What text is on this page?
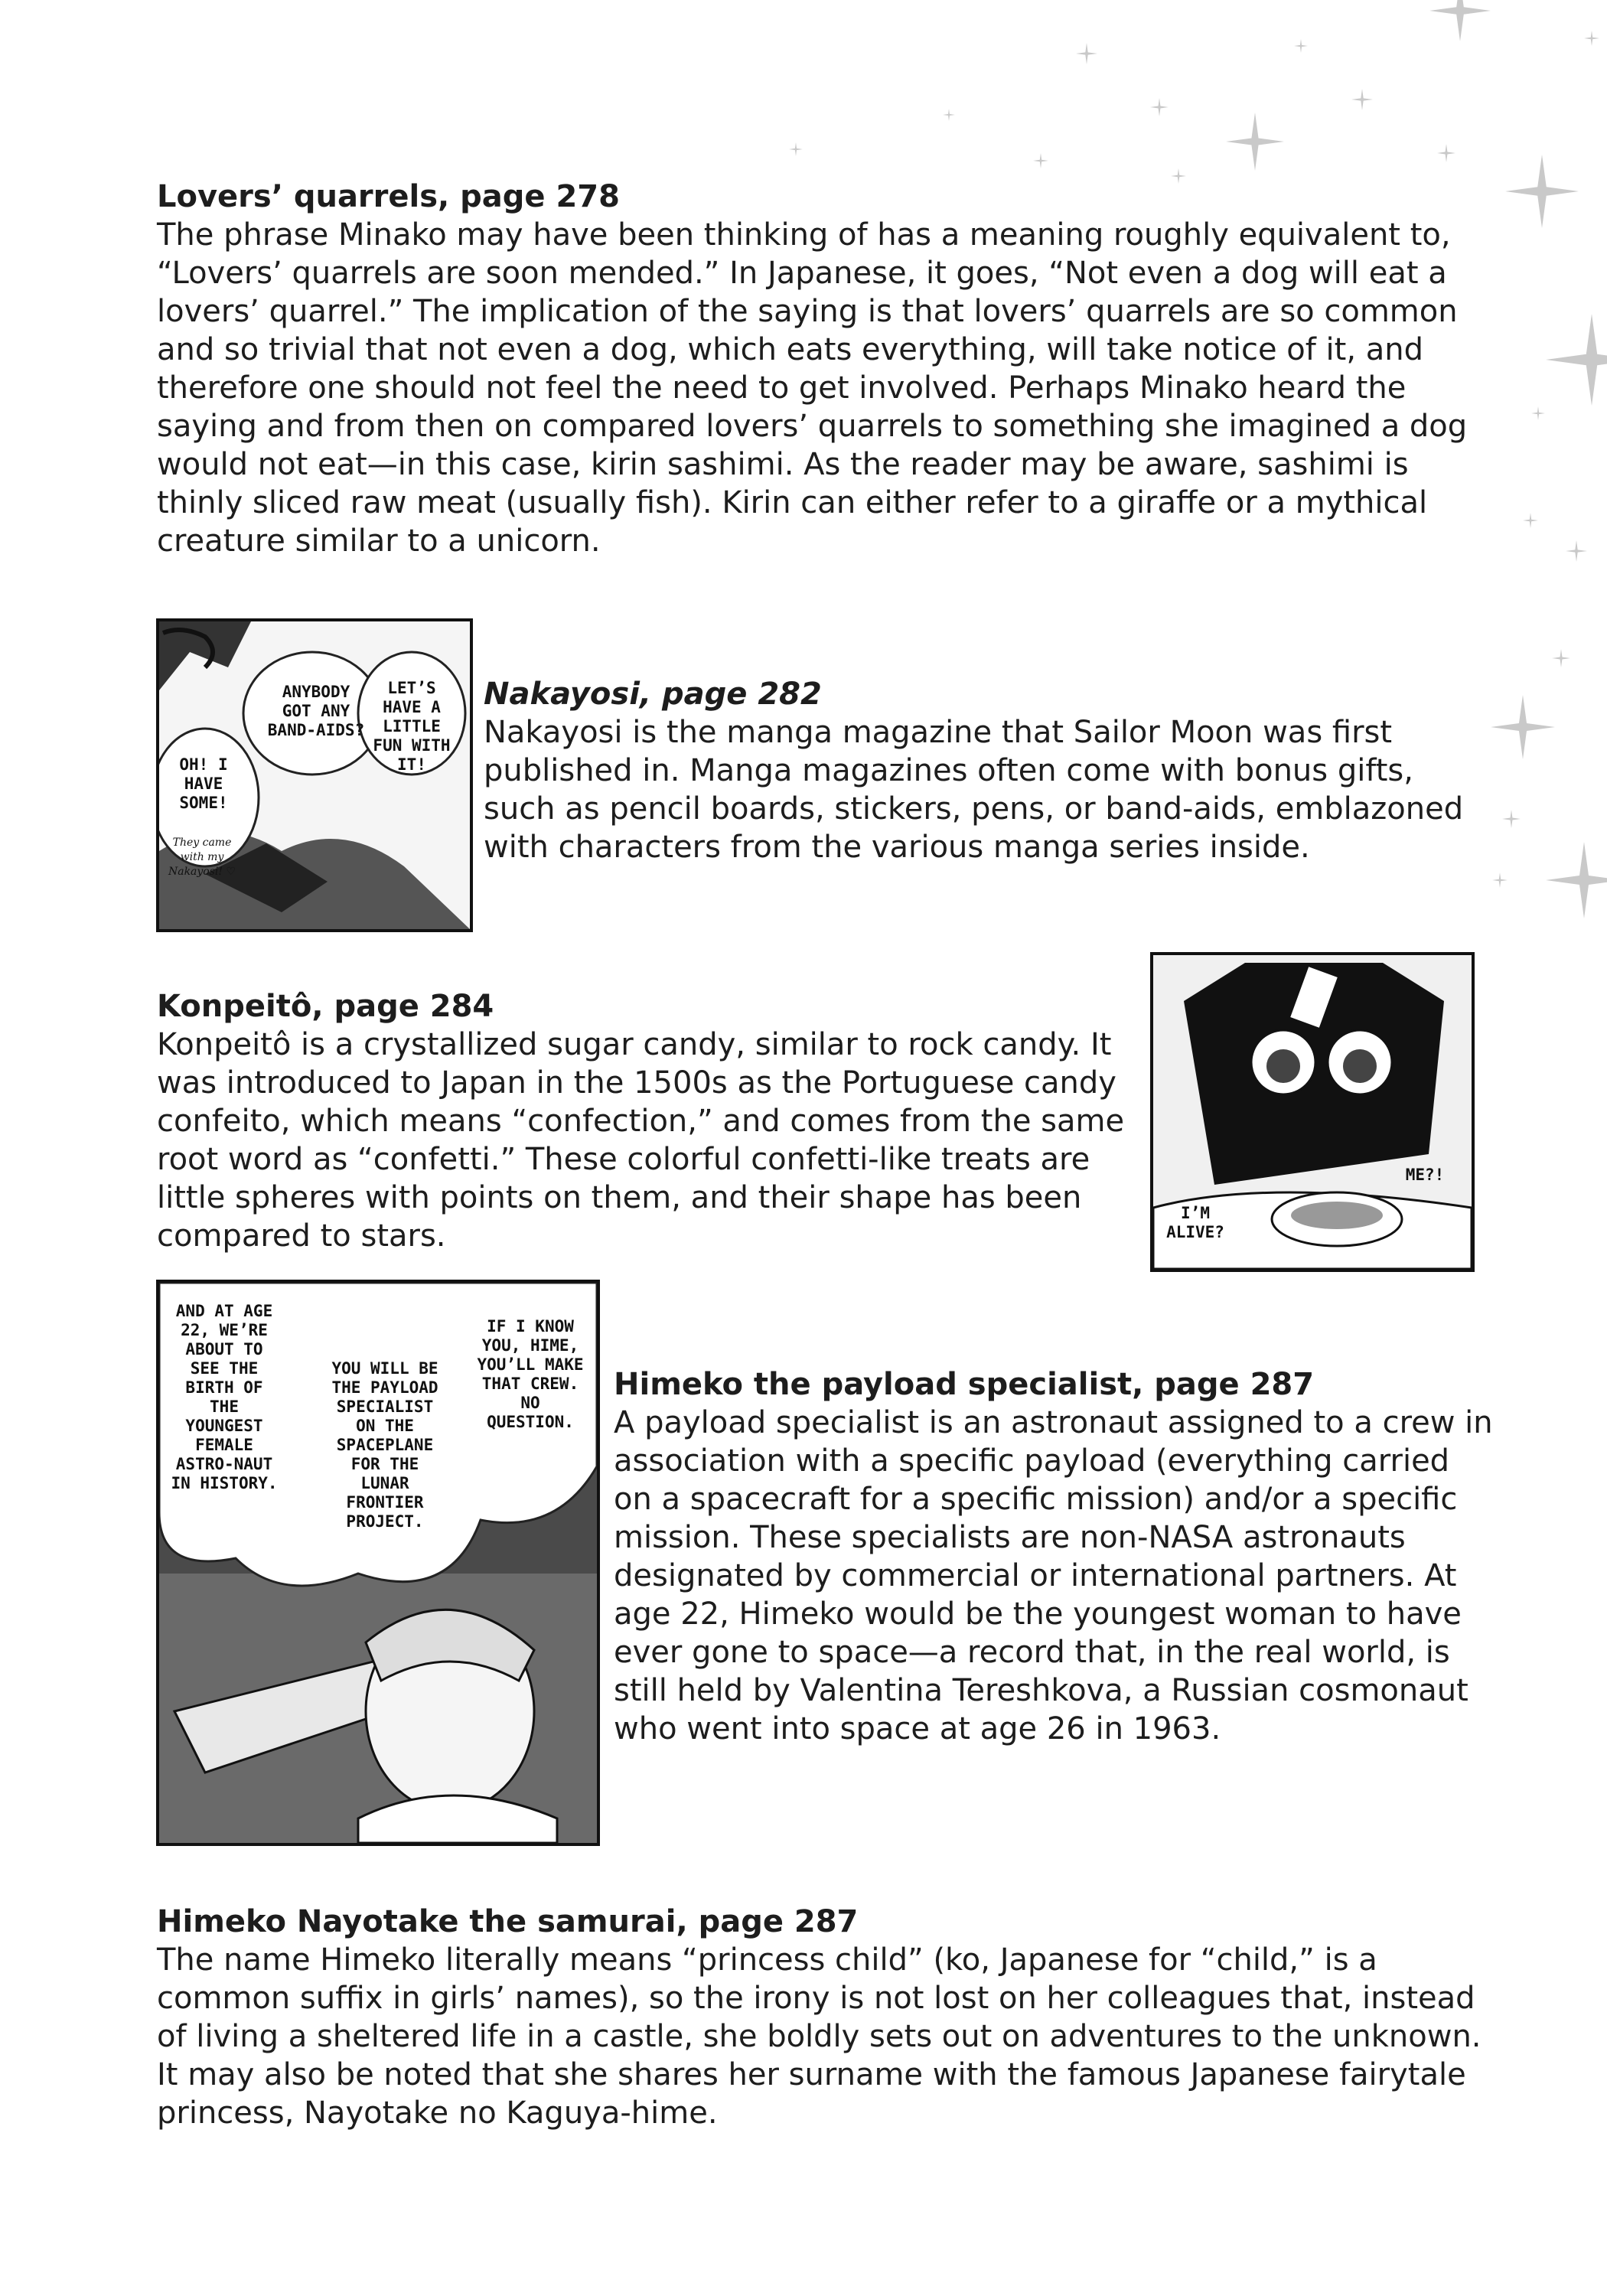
Lovers’ quarrels, page 278

The phrase Minako may have been thinking of has a meaning roughly equivalent to, “Lovers’ quarrels are soon mended.” In Japanese, it goes, “Not even a dog will eat a lovers’ quarrel.” The implication of the saying is that lovers’ quarrels are so common and so trivial that not even a dog, which eats everything, will take notice of it, and therefore one should not feel the need to get involved. Perhaps Minako heard the saying and from then on compared lovers’ quarrels to something she imagined a dog would not eat—in this case, kirin sashimi. As the reader may be aware, sashimi is thinly sliced raw meat (usually fish). Kirin can either refer to a giraffe or a mythical creature similar to a unicorn.

ANYBODY GOT ANY BAND-AIDS?
LET’S HAVE A LITTLE FUN WITH IT!
OH! I HAVE SOME!
They came with my Nakayosi! ♡
Nakayosi, page 282

Nakayosi is the manga magazine that Sailor Moon was first published in. Manga magazines often come with bonus gifts, such as pencil boards, stickers, pens, or band-aids, emblazoned with characters from the various manga series inside.

ME?!
I’M ALIVE?
Konpeitô, page 284

Konpeitô is a crystallized sugar candy, similar to rock candy. It was introduced to Japan in the 1500s as the Portuguese candy confeito, which means “confection,” and comes from the same root word as “confetti.” These colorful confetti-like treats are little spheres with points on them, and their shape has been compared to stars.

AND AT AGE 22, WE’RE ABOUT TO SEE THE BIRTH OF THE YOUNGEST FEMALE ASTRO-NAUT IN HISTORY.
YOU WILL BE THE PAYLOAD SPECIALIST ON THE SPACEPLANE FOR THE LUNAR FRONTIER PROJECT.
IF I KNOW YOU, HIME, YOU’LL MAKE THAT CREW. NO QUESTION.
Himeko the payload specialist, page 287

A payload specialist is an astronaut assigned to a crew in association with a specific payload (everything carried on a spacecraft for a specific mission) and/or a specific mission. These specialists are non-NASA astronauts designated by commercial or international partners. At age 22, Himeko would be the youngest woman to have ever gone to space—a record that, in the real world, is still held by Valentina Tereshkova, a Russian cosmonaut who went into space at age 26 in 1963.

Himeko Nayotake the samurai, page 287

The name Himeko literally means “princess child” (ko, Japanese for “child,” is a common suffix in girls’ names), so the irony is not lost on her colleagues that, instead of living a sheltered life in a castle, she boldly sets out on adventures to the unknown. It may also be noted that she shares her surname with the famous Japanese fairytale princess, Nayotake no Kaguya-hime.
